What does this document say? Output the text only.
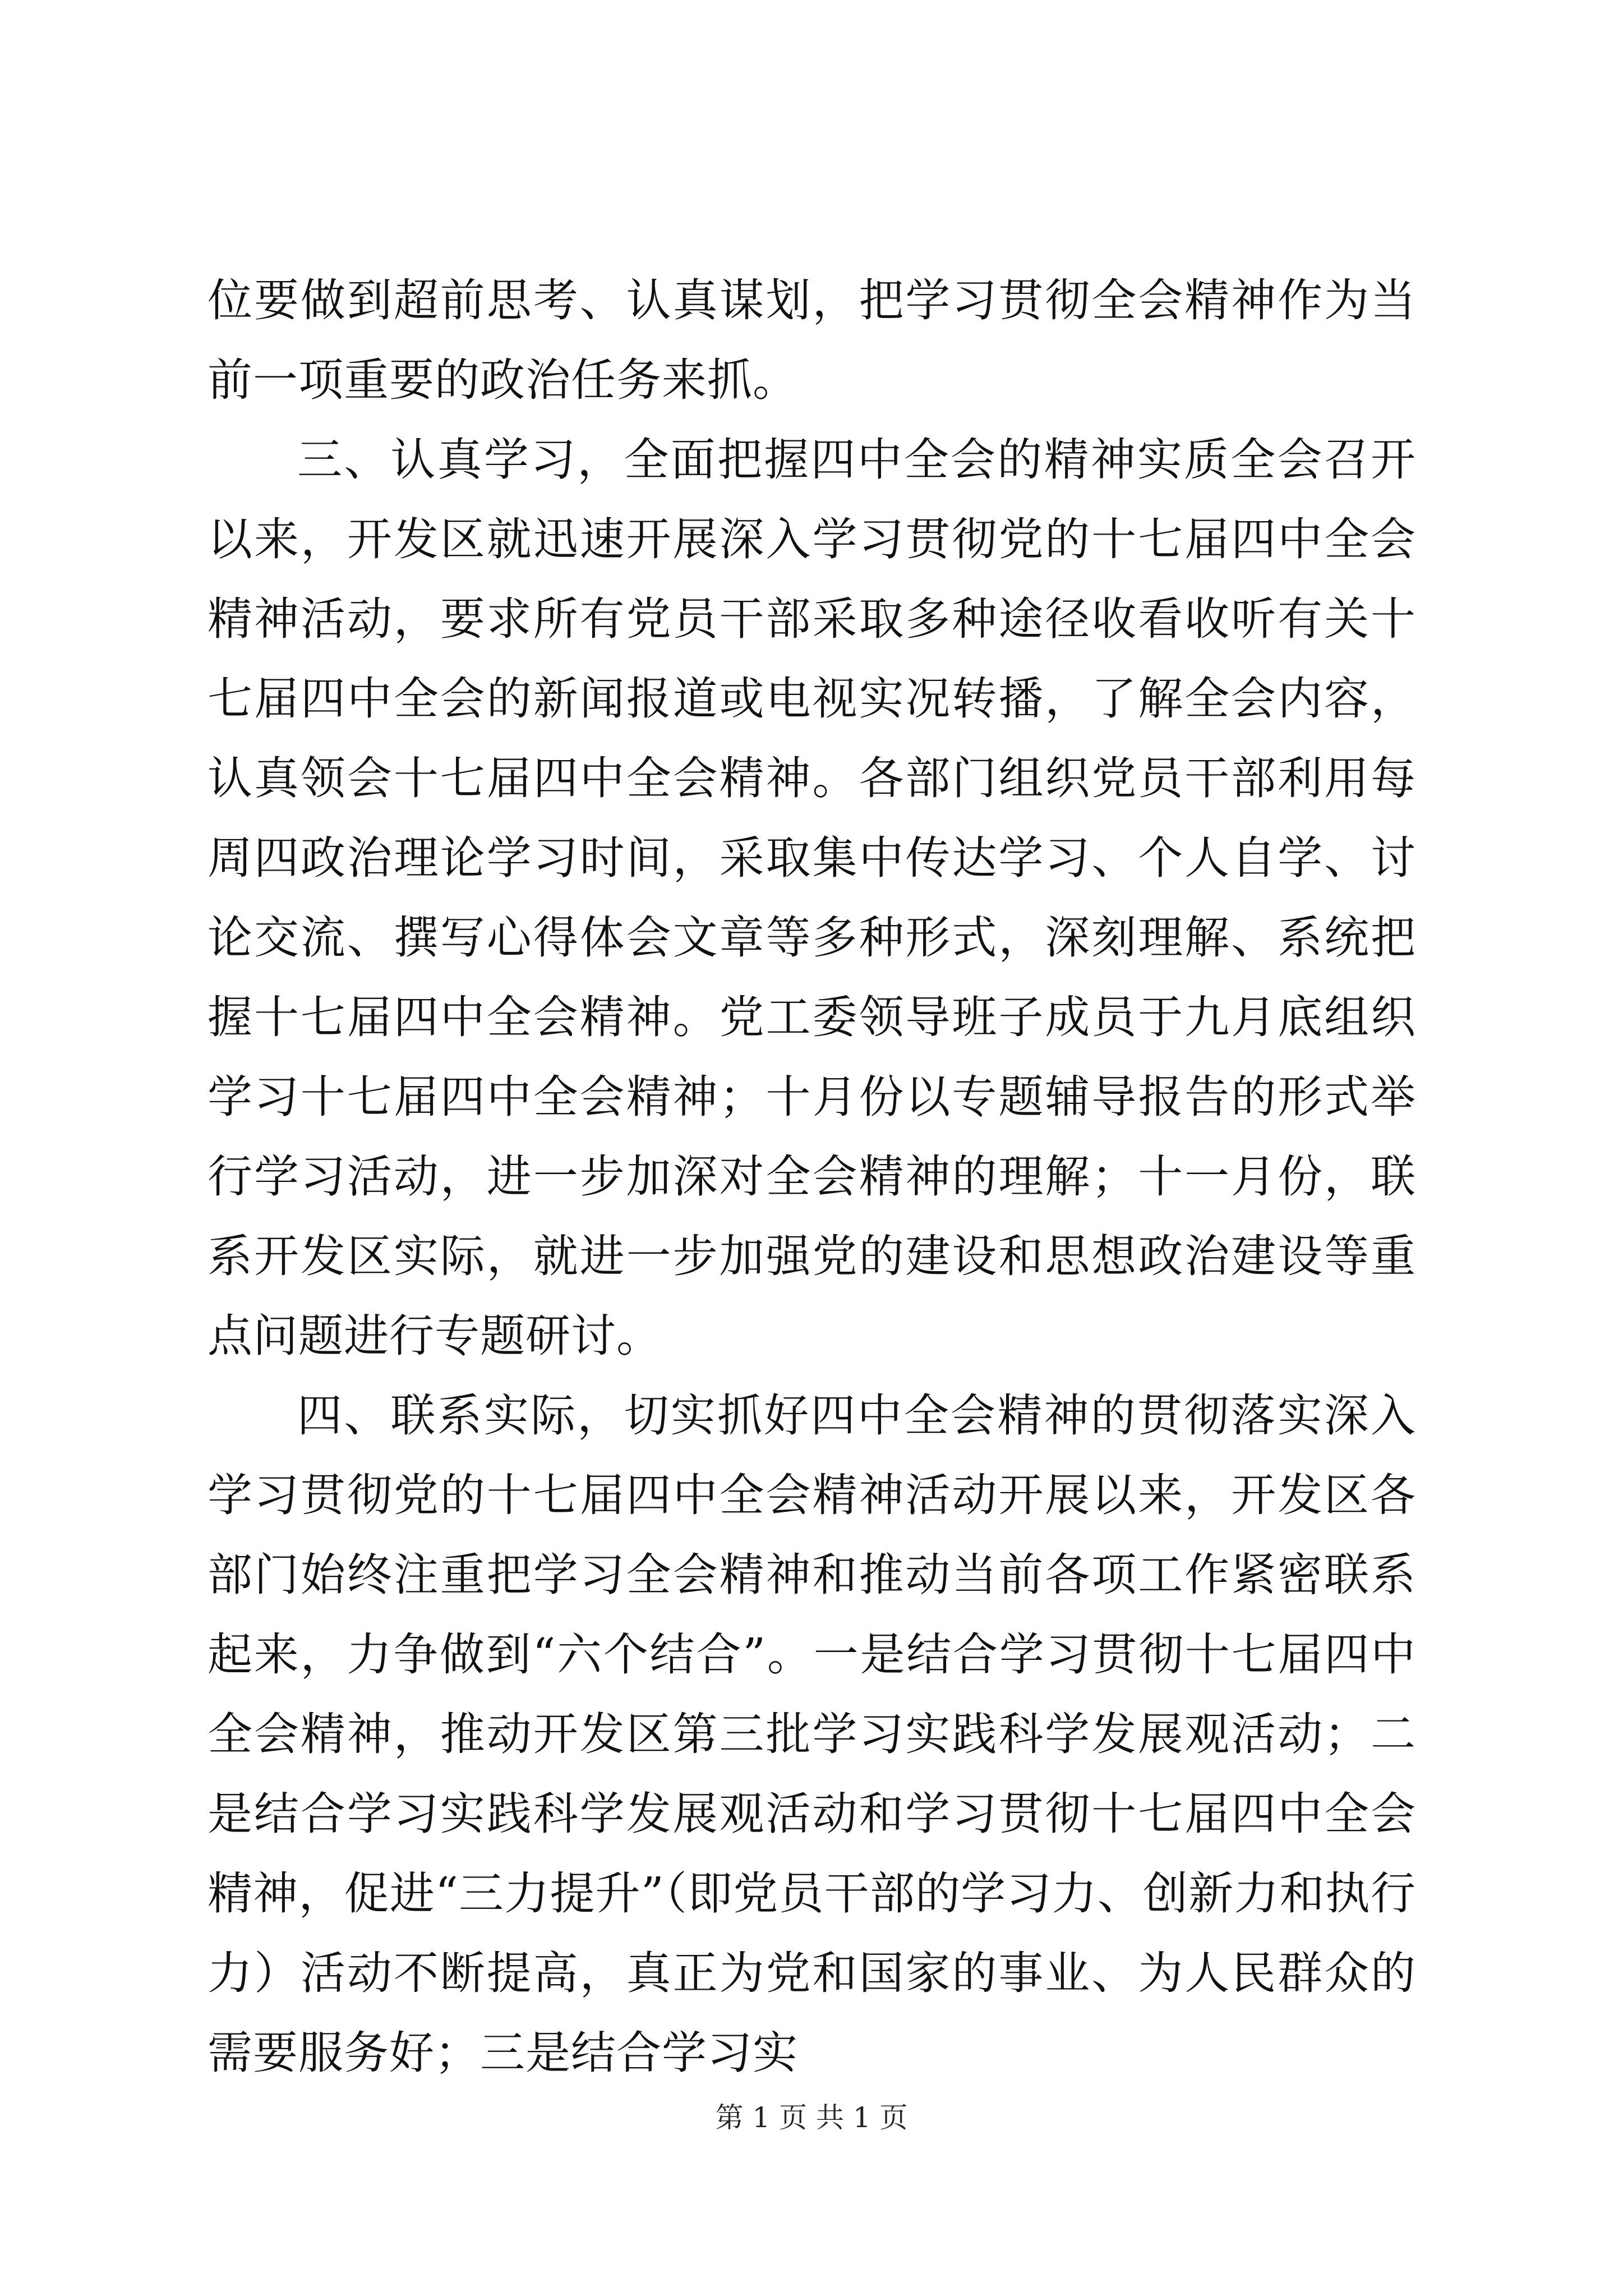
位要做到超前思考、认真谋划，把学习贯彻全会精神作为当前一项重要的政治任务来抓。

三、认真学习，全面把握四中全会的精神实质全会召开以来，开发区就迅速开展深入学习贯彻党的十七届四中全会精神活动，要求所有党员干部采取多种途径收看收听有关十七届四中全会的新闻报道或电视实况转播，了解全会内容，认真领会十七届四中全会精神。各部门组织党员干部利用每周四政治理论学习时间，采取集中传达学习、个人自学、讨论交流、撰写心得体会文章等多种形式，深刻理解、系统把握十七届四中全会精神。党工委领导班子成员于九月底组织学习十七届四中全会精神；十月份以专题辅导报告的形式举行学习活动，进一步加深对全会精神的理解；十一月份，联系开发区实际，就进一步加强党的建设和思想政治建设等重点问题进行专题研讨。

四、联系实际，切实抓好四中全会精神的贯彻落实深入学习贯彻党的十七届四中全会精神活动开展以来，开发区各部门始终注重把学习全会精神和推动当前各项工作紧密联系起来，力争做到“六个结合”。一是结合学习贯彻十七届四中全会精神，推动开发区第三批学习实践科学发展观活动；二是结合学习实践科学发展观活动和学习贯彻十七届四中全会精神，促进“三力提升”（即党员干部的学习力、创新力和执行力）活动不断提高，真正为党和国家的事业、为人民群众的需要服务好；三是结合学习实

第 1 页 共 1 页
